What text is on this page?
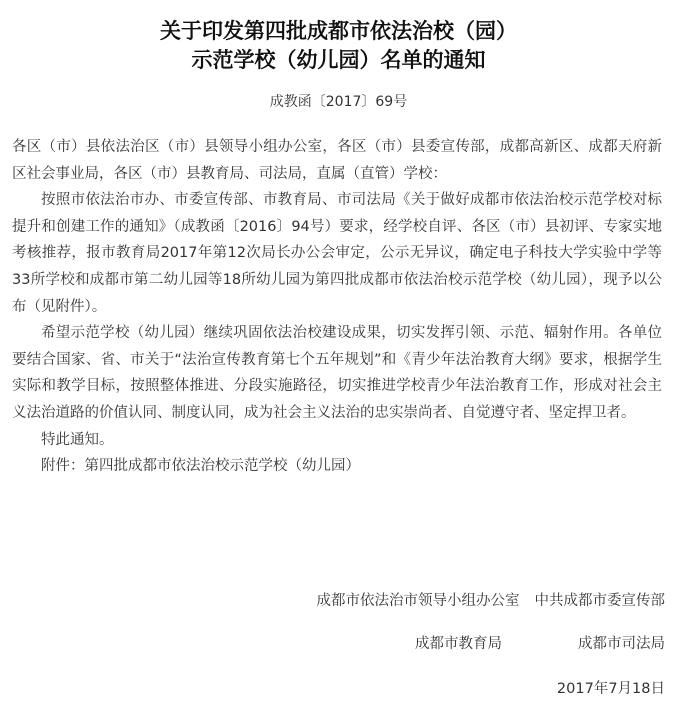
关于印发第四批成都市依法治校（园）
示范学校（幼儿园）名单的通知
成教函〔2017〕69号

各区（市）县依法治区（市）县领导小组办公室，各区（市）县委宣传部，成都高新区、成都天府新区社会事业局，各区（市）县教育局、司法局，直属（直管）学校：

按照市依法治市办、市委宣传部、市教育局、市司法局《关于做好成都市依法治校示范学校对标提升和创建工作的通知》（成教函〔2016〕94号）要求，经学校自评、各区（市）县初评、专家实地考核推荐，报市教育局2017年第12次局长办公会审定，公示无异议，确定电子科技大学实验中学等33所学校和成都市第二幼儿园等18所幼儿园为第四批成都市依法治校示范学校（幼儿园），现予以公布（见附件）。

希望示范学校（幼儿园）继续巩固依法治校建设成果，切实发挥引领、示范、辐射作用。各单位要结合国家、省、市关于“法治宣传教育第七个五年规划”和《青少年法治教育大纲》要求，根据学生实际和教学目标，按照整体推进、分段实施路径，切实推进学校青少年法治教育工作，形成对社会主义法治道路的价值认同、制度认同，成为社会主义法治的忠实崇尚者、自觉遵守者、坚定捍卫者。

特此通知。

附件：第四批成都市依法治校示范学校（幼儿园）

成都市依法治市领导小组办公室 中共成都市委宣传部
成都市教育局	成都市司法局
2017年7月18日
